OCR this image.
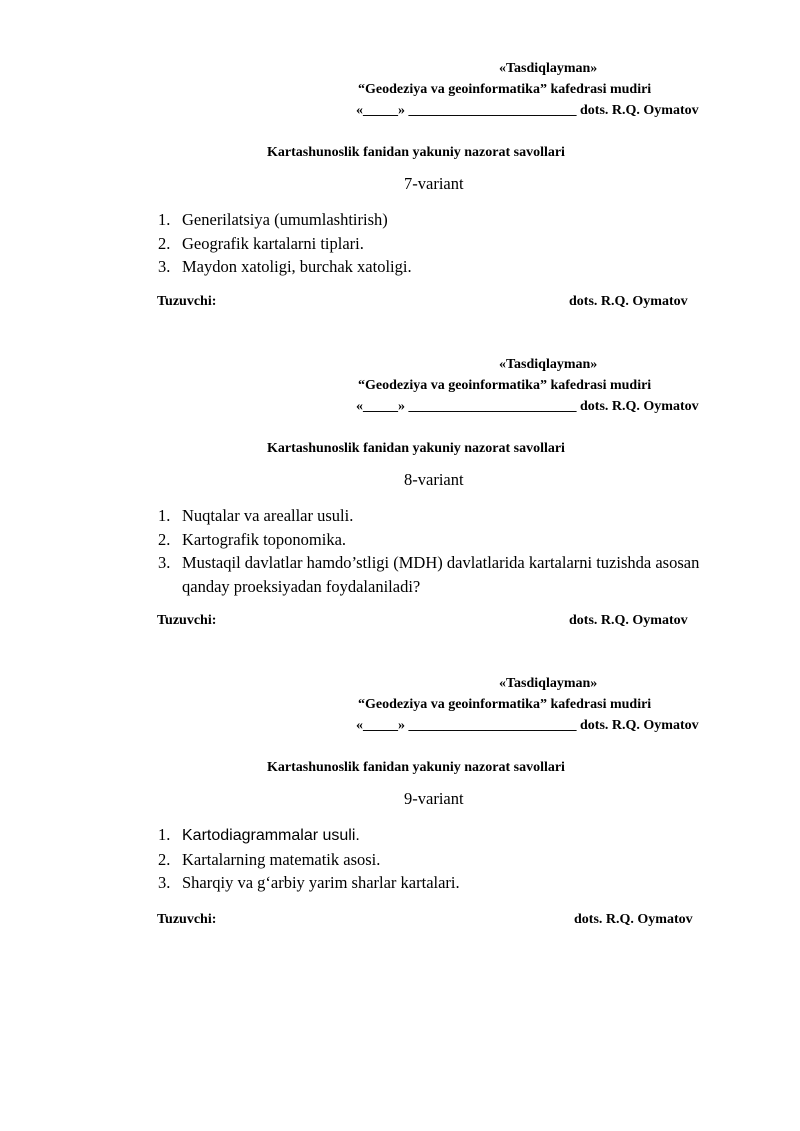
«Tasdiqlayman»
“Geodeziya va geoinformatika” kafedrasi mudiri
«_____» ________________________ dots. R.Q. Oymatov
Kartashunoslik fanidan yakuniy nazorat savollari
7-variant
1. Generilatsiya (umumlashtirish)
2. Geografik kartalarni tiplari.
3. Maydon xatoligi, burchak xatoligi.
Tuzuvchi:	dots. R.Q. Oymatov
«Tasdiqlayman»
“Geodeziya va geoinformatika” kafedrasi mudiri
«_____» ________________________ dots. R.Q. Oymatov
Kartashunoslik fanidan yakuniy nazorat savollari
8-variant
1. Nuqtalar va areallar usuli.
2. Kartografik toponomika.
3. Mustaqil davlatlar hamdo’stligi (MDH) davlatlarida kartalarni tuzishda asosan qanday proeksiyadan foydalaniladi?
Tuzuvchi:	dots. R.Q. Oymatov
«Tasdiqlayman»
“Geodeziya va geoinformatika” kafedrasi mudiri
«_____» ________________________ dots. R.Q. Oymatov
Kartashunoslik fanidan yakuniy nazorat savollari
9-variant
1. Kartodiagrammalar usuli.
2. Kartalarning matematik asosi.
3. Sharqiy va g‘arbiy yarim sharlar kartalari.
Tuzuvchi:	dots. R.Q. Oymatov
